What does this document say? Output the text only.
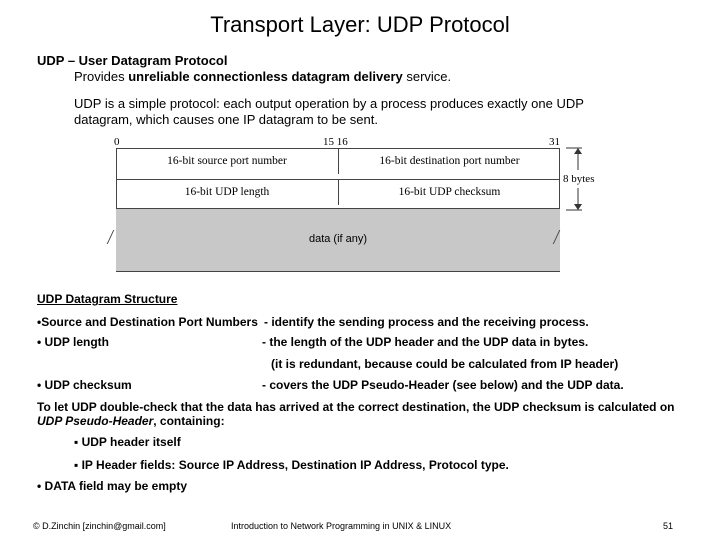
Transport Layer: UDP Protocol
UDP – User Datagram Protocol
Provides unreliable connectionless datagram delivery service.
UDP is a simple protocol: each output operation by a process produces exactly one UDP
datagram, which causes one IP datagram to be sent.
0	15 16	31
16-bit source port number	16-bit destination port number
16-bit UDP length	16-bit UDP checksum
data (if any)
8 bytes
UDP Datagram Structure
•Source and Destination Port Numbers - identify the sending process and the receiving process.
• UDP length	- the length of the UDP header and the UDP data in bytes.
(it is redundant, because could be calculated from IP header)
• UDP checksum	- covers the UDP Pseudo-Header (see below) and the UDP data.
To let UDP double-check that the data has arrived at the correct destination, the UDP checksum is calculated on
UDP Pseudo-Header, containing:
▪ UDP header itself
▪ IP Header fields: Source IP Address, Destination IP Address, Protocol type.
• DATA field may be empty
© D.Zinchin [zinchin@gmail.com]	Introduction to Network Programming in UNIX & LINUX	51
